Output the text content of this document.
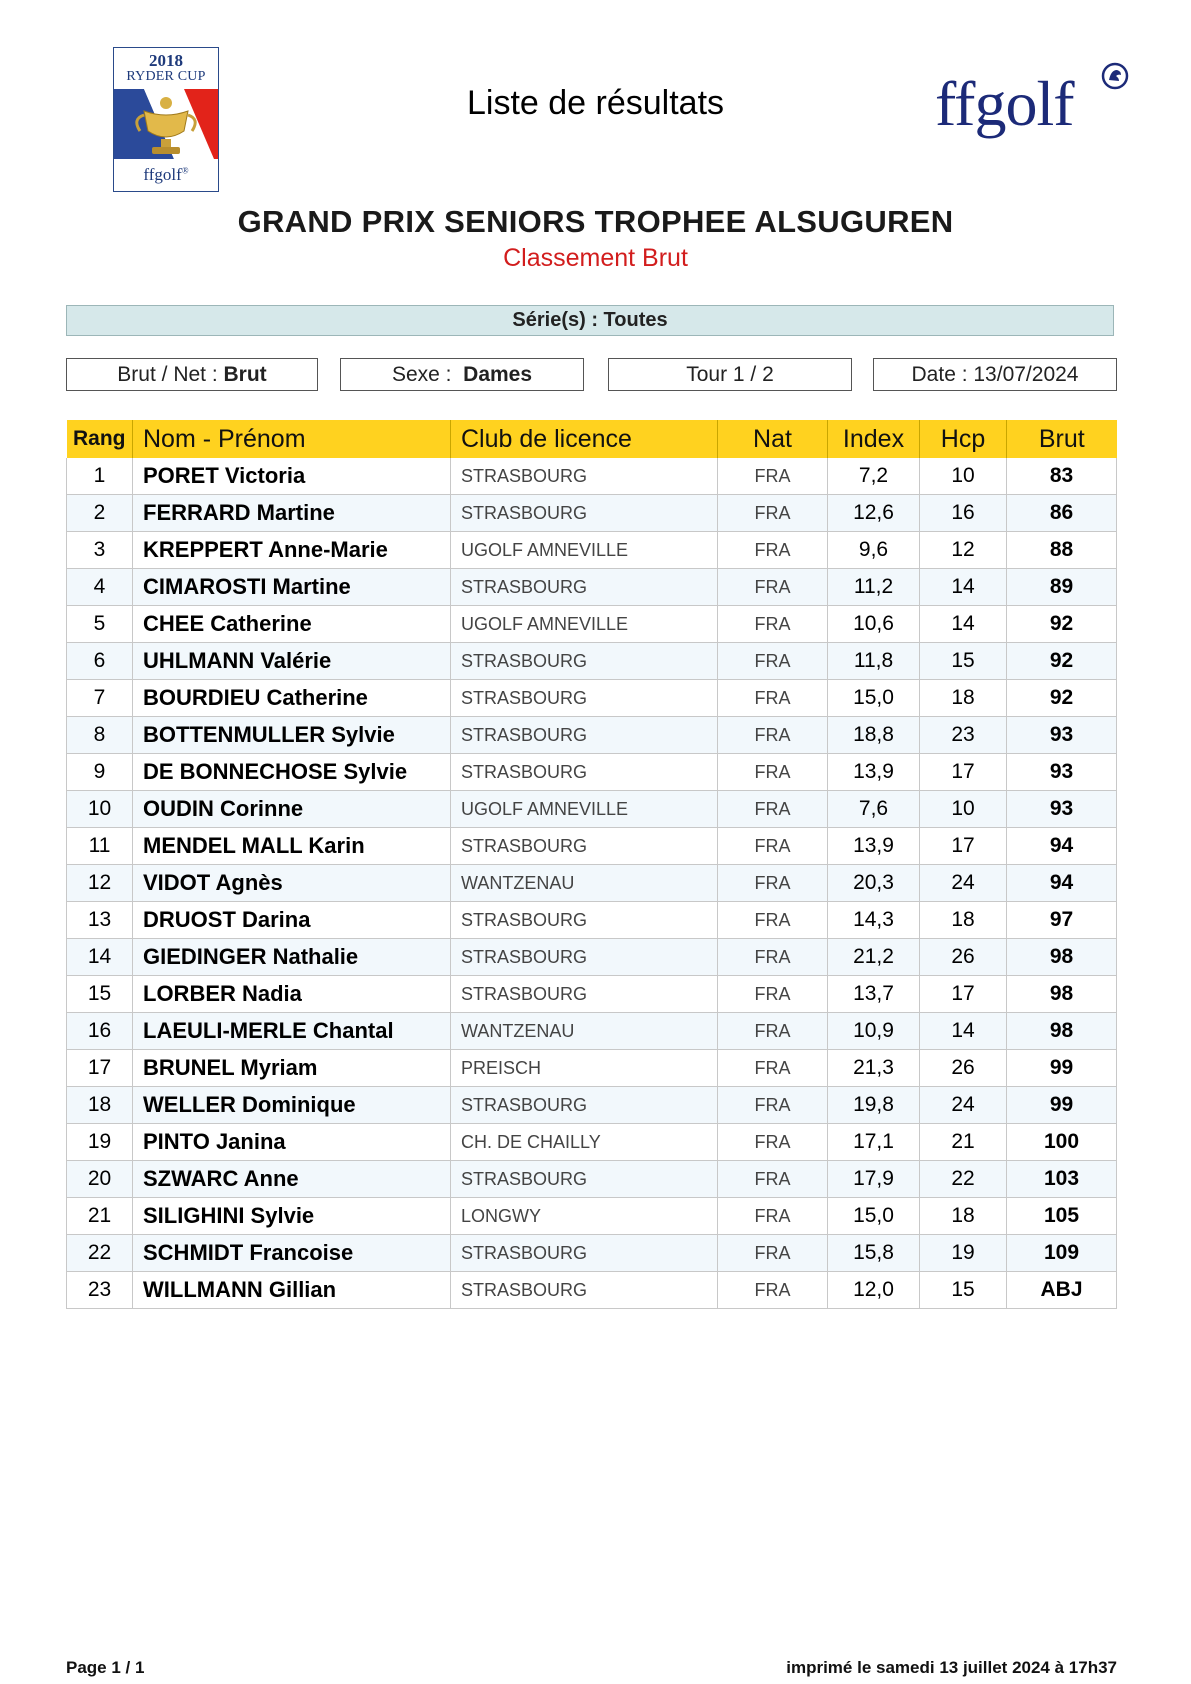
2018
RYDER CUP
ffgolf®
Liste de résultats	ffgolf
GRAND PRIX SENIORS TROPHEE ALSUGUREN
Classement Brut
Série(s) : Toutes
Brut / Net : Brut	Sexe : Dames	Tour 1 / 2	Date : 13/07/2024
Rang	Nom - Prénom	Club de licence	Nat	Index	Hcp	Brut
1	PORET Victoria	STRASBOURG	FRA	7,2	10	83
2	FERRARD Martine	STRASBOURG	FRA	12,6	16	86
3	KREPPERT Anne-Marie	UGOLF AMNEVILLE	FRA	9,6	12	88
4	CIMAROSTI Martine	STRASBOURG	FRA	11,2	14	89
5	CHEE Catherine	UGOLF AMNEVILLE	FRA	10,6	14	92
6	UHLMANN Valérie	STRASBOURG	FRA	11,8	15	92
7	BOURDIEU Catherine	STRASBOURG	FRA	15,0	18	92
8	BOTTENMULLER Sylvie	STRASBOURG	FRA	18,8	23	93
9	DE BONNECHOSE Sylvie	STRASBOURG	FRA	13,9	17	93
10	OUDIN Corinne	UGOLF AMNEVILLE	FRA	7,6	10	93
11	MENDEL MALL Karin	STRASBOURG	FRA	13,9	17	94
12	VIDOT Agnès	WANTZENAU	FRA	20,3	24	94
13	DRUOST Darina	STRASBOURG	FRA	14,3	18	97
14	GIEDINGER Nathalie	STRASBOURG	FRA	21,2	26	98
15	LORBER Nadia	STRASBOURG	FRA	13,7	17	98
16	LAEULI-MERLE Chantal	WANTZENAU	FRA	10,9	14	98
17	BRUNEL Myriam	PREISCH	FRA	21,3	26	99
18	WELLER Dominique	STRASBOURG	FRA	19,8	24	99
19	PINTO Janina	CH. DE CHAILLY	FRA	17,1	21	100
20	SZWARC Anne	STRASBOURG	FRA	17,9	22	103
21	SILIGHINI Sylvie	LONGWY	FRA	15,0	18	105
22	SCHMIDT Francoise	STRASBOURG	FRA	15,8	19	109
23	WILLMANN Gillian	STRASBOURG	FRA	12,0	15	ABJ
Page 1 / 1	imprimé le samedi 13 juillet 2024 à 17h37
